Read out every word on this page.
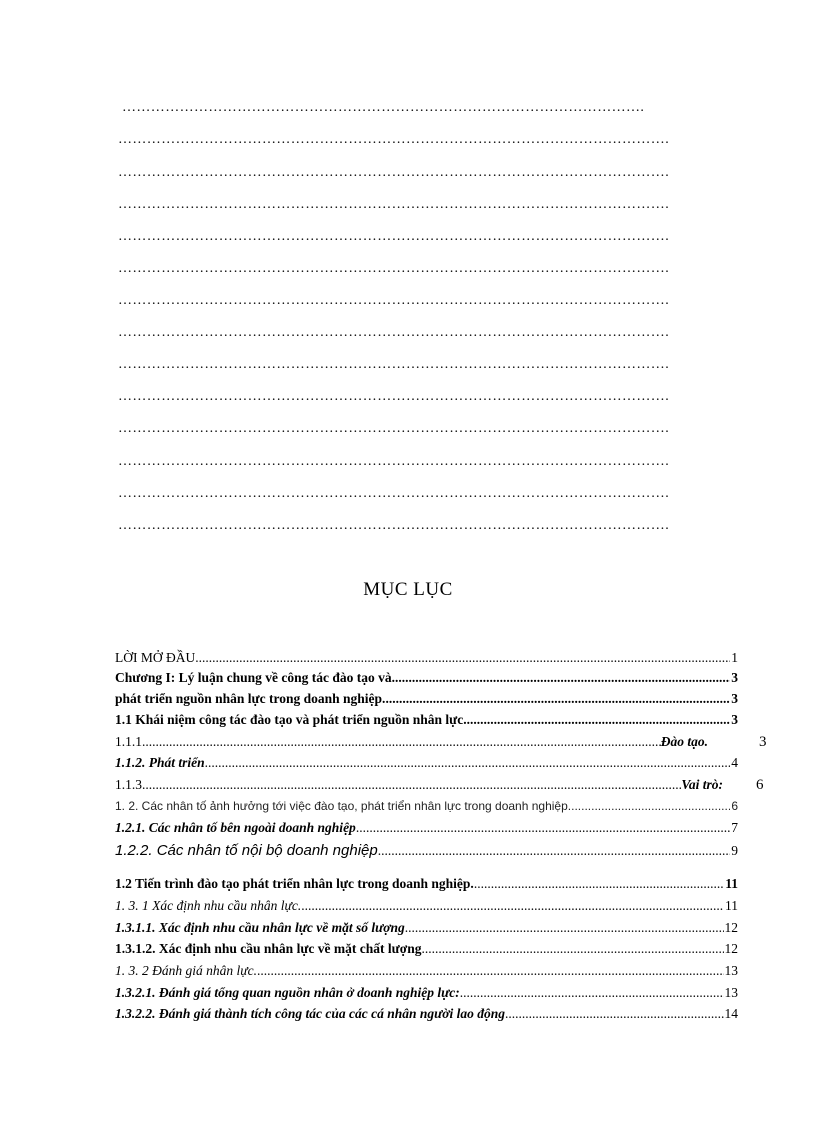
……………………………………………………………………………………………….
…………………………………………………………………………………………………….
…………………………………………………………………………………………………….
…………………………………………………………………………………………………….
…………………………………………………………………………………………………….
…………………………………………………………………………………………………….
…………………………………………………………………………………………………….
…………………………………………………………………………………………………….
…………………………………………………………………………………………………….
…………………………………………………………………………………………………….
…………………………………………………………………………………………………….
…………………………………………………………………………………………………….
…………………………………………………………………………………………………….
…………………………………………………………………………………………………….
MỤC LỤC
LỜI MỞ ĐẦU .....	1
Chương I: Lý luận chung về công tác đào tạo và .....	3
phát triển nguồn nhân lực trong doanh nghiệp. .....	3
1.1 Khái niệm công tác đào tạo và phát triển nguồn nhân lực. .....	3
1.1.1 .....	Đào tạo.	3
1.1.2. Phát triển .....	4
1.1.3. .....	Vai trò: 6
1. 2. Các nhân tố ảnh hưởng tới việc đào tạo, phát triển nhân lực trong doanh nghiệp. .....	6
1.2.1. Các nhân tố bên ngoài doanh nghiệp .....	7
1.2.2. Các nhân tố nội bộ doanh nghiệp .....	9
1.2 Tiến trình đào tạo phát triển nhân lực trong doanh nghiệp. .....	11
1. 3. 1 Xác định nhu cầu nhân lực. .....	11
1.3.1.1. Xác định nhu cầu nhân lực về mặt số lượng .....	12
1.3.1.2. Xác định nhu cầu nhân lực về mặt chất lượng .....	12
1. 3. 2 Đánh giá nhân lực. .....	13
1.3.2.1. Đánh giá tổng quan nguồn nhân ở doanh nghiệp lực: .....	13
1.3.2.2. Đánh giá thành tích công tác của các cá nhân người lao động .....	14
